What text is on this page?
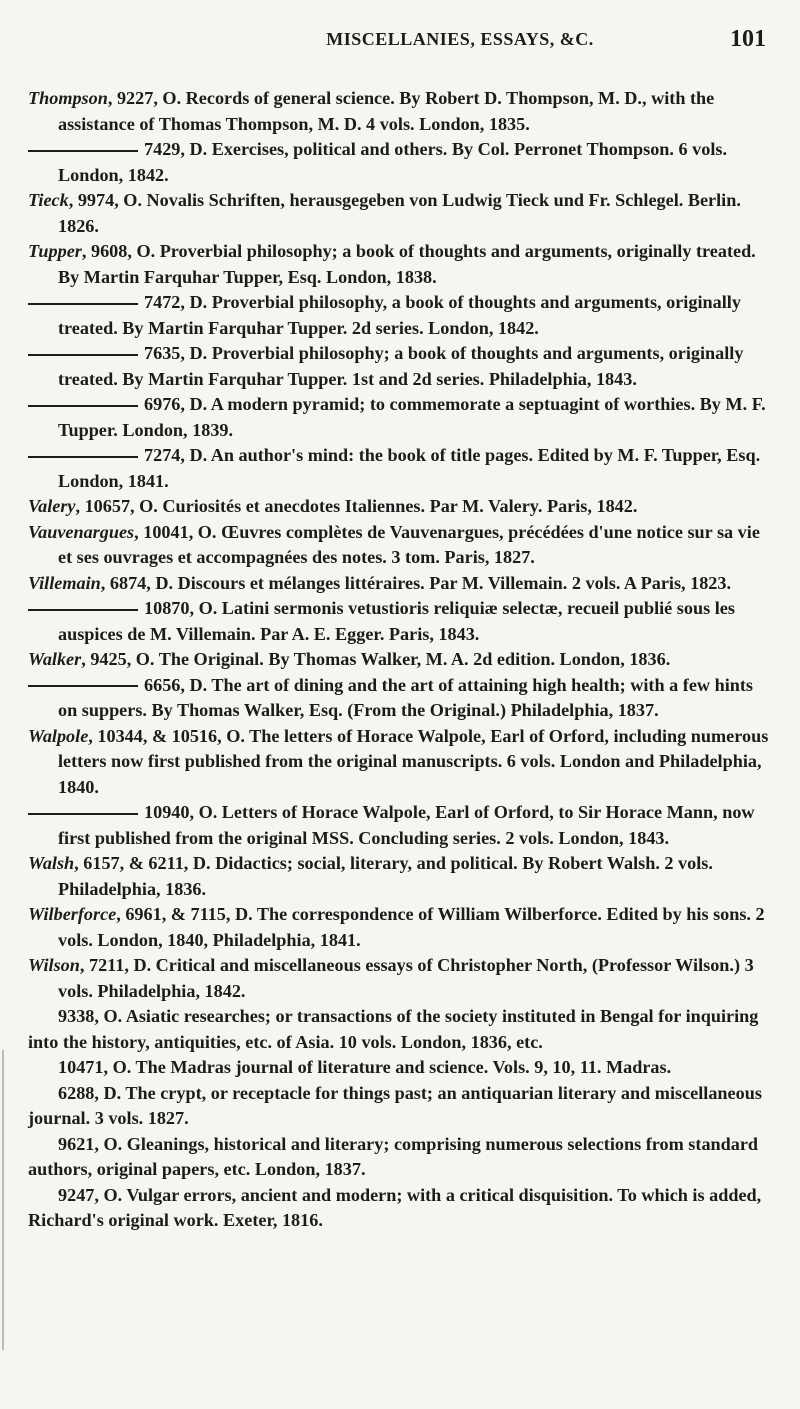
MISCELLANIES, ESSAYS, &C.	101

Thompson, 9227, O. Records of general science. By Robert D. Thompson, M. D., with the assistance of Thomas Thompson, M. D. 4 vols. London, 1835.

7429, D. Exercises, political and others. By Col. Perronet Thompson. 6 vols. London, 1842.

Tieck, 9974, O. Novalis Schriften, herausgegeben von Ludwig Tieck und Fr. Schlegel. Berlin. 1826.

Tupper, 9608, O. Proverbial philosophy; a book of thoughts and arguments, originally treated. By Martin Farquhar Tupper, Esq. London, 1838.

7472, D. Proverbial philosophy, a book of thoughts and arguments, originally treated. By Martin Farquhar Tupper. 2d series. London, 1842.

7635, D. Proverbial philosophy; a book of thoughts and arguments, originally treated. By Martin Farquhar Tupper. 1st and 2d series. Philadelphia, 1843.

6976, D. A modern pyramid; to commemorate a septuagint of worthies. By M. F. Tupper. London, 1839.

7274, D. An author's mind: the book of title pages. Edited by M. F. Tupper, Esq. London, 1841.

Valery, 10657, O. Curiosités et anecdotes Italiennes. Par M. Valery. Paris, 1842.

Vauvenargues, 10041, O. Œuvres complètes de Vauvenargues, précédées d'une notice sur sa vie et ses ouvrages et accompagnées des notes. 3 tom. Paris, 1827.

Villemain, 6874, D. Discours et mélanges littéraires. Par M. Villemain. 2 vols. A Paris, 1823.

10870, O. Latini sermonis vetustioris reliquiæ selectæ, recueil publié sous les auspices de M. Villemain. Par A. E. Egger. Paris, 1843.

Walker, 9425, O. The Original. By Thomas Walker, M. A. 2d edition. London, 1836.

6656, D. The art of dining and the art of attaining high health; with a few hints on suppers. By Thomas Walker, Esq. (From the Original.) Philadelphia, 1837.

Walpole, 10344, & 10516, O. The letters of Horace Walpole, Earl of Orford, including numerous letters now first published from the original manuscripts. 6 vols. London and Philadelphia, 1840.

10940, O. Letters of Horace Walpole, Earl of Orford, to Sir Horace Mann, now first published from the original MSS. Concluding series. 2 vols. London, 1843.

Walsh, 6157, & 6211, D. Didactics; social, literary, and political. By Robert Walsh. 2 vols. Philadelphia, 1836.

Wilberforce, 6961, & 7115, D. The correspondence of William Wilberforce. Edited by his sons. 2 vols. London, 1840, Philadelphia, 1841.

Wilson, 7211, D. Critical and miscellaneous essays of Christopher North, (Professor Wilson.) 3 vols. Philadelphia, 1842.

9338, O. Asiatic researches; or transactions of the society instituted in Bengal for inquiring into the history, antiquities, etc. of Asia. 10 vols. London, 1836, etc.

10471, O. The Madras journal of literature and science. Vols. 9, 10, 11. Madras.

6288, D. The crypt, or receptacle for things past; an antiquarian literary and miscellaneous journal. 3 vols. 1827.

9621, O. Gleanings, historical and literary; comprising numerous selections from standard authors, original papers, etc. London, 1837.

9247, O. Vulgar errors, ancient and modern; with a critical disquisition. To which is added, Richard's original work. Exeter, 1816.
